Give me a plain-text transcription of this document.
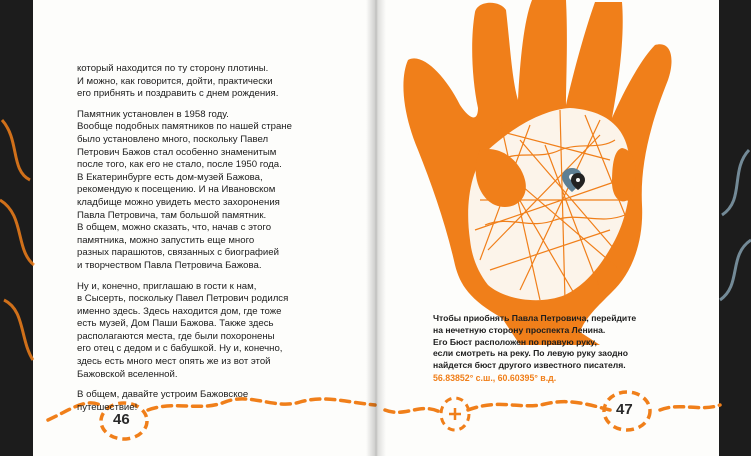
который находится по ту сторону плотины.
И можно, как говорится, дойти, практически
его прибнять и поздравить с днем рождения.

Памятник установлен в 1958 году.
Вообще подобных памятников по нашей стране
было установлено много, поскольку Павел
Петрович Бажов стал особенно знаменитым
после того, как его не стало, после 1950 года.
В Екатеринбурге есть дом-музей Бажова,
рекомендую к посещению. И на Ивановском
кладбище можно увидеть место захоронения
Павла Петровича, там большой памятник.
В общем, можно сказать, что, начав с этого
памятника, можно запустить еще много
разных парашютов, связанных с биографией
и творчеством Павла Петровича Бажова.

Ну и, конечно, приглашаю в гости к нам,
в Сысерть, поскольку Павел Петрович родился
именно здесь. Здесь находится дом, где тоже
есть музей, Дом Паши Бажова. Также здесь
располагаются места, где были похоронены
его отец с дедом и с бабушкой. Ну и, конечно,
здесь есть много мест опять же из вот этой
Бажовской вселенной.

В общем, давайте устроим Бажовское
путешествие!

Чтобы приобнять Павла Петровича, перейдите
на нечетную сторону проспекта Ленина.
Его Бюст расположен по правую руку,
если смотреть на реку. По левую руку заодно
найдется бюст другого известного писателя.
56.83852° с.ш., 60.60395° в.д.
46
47
